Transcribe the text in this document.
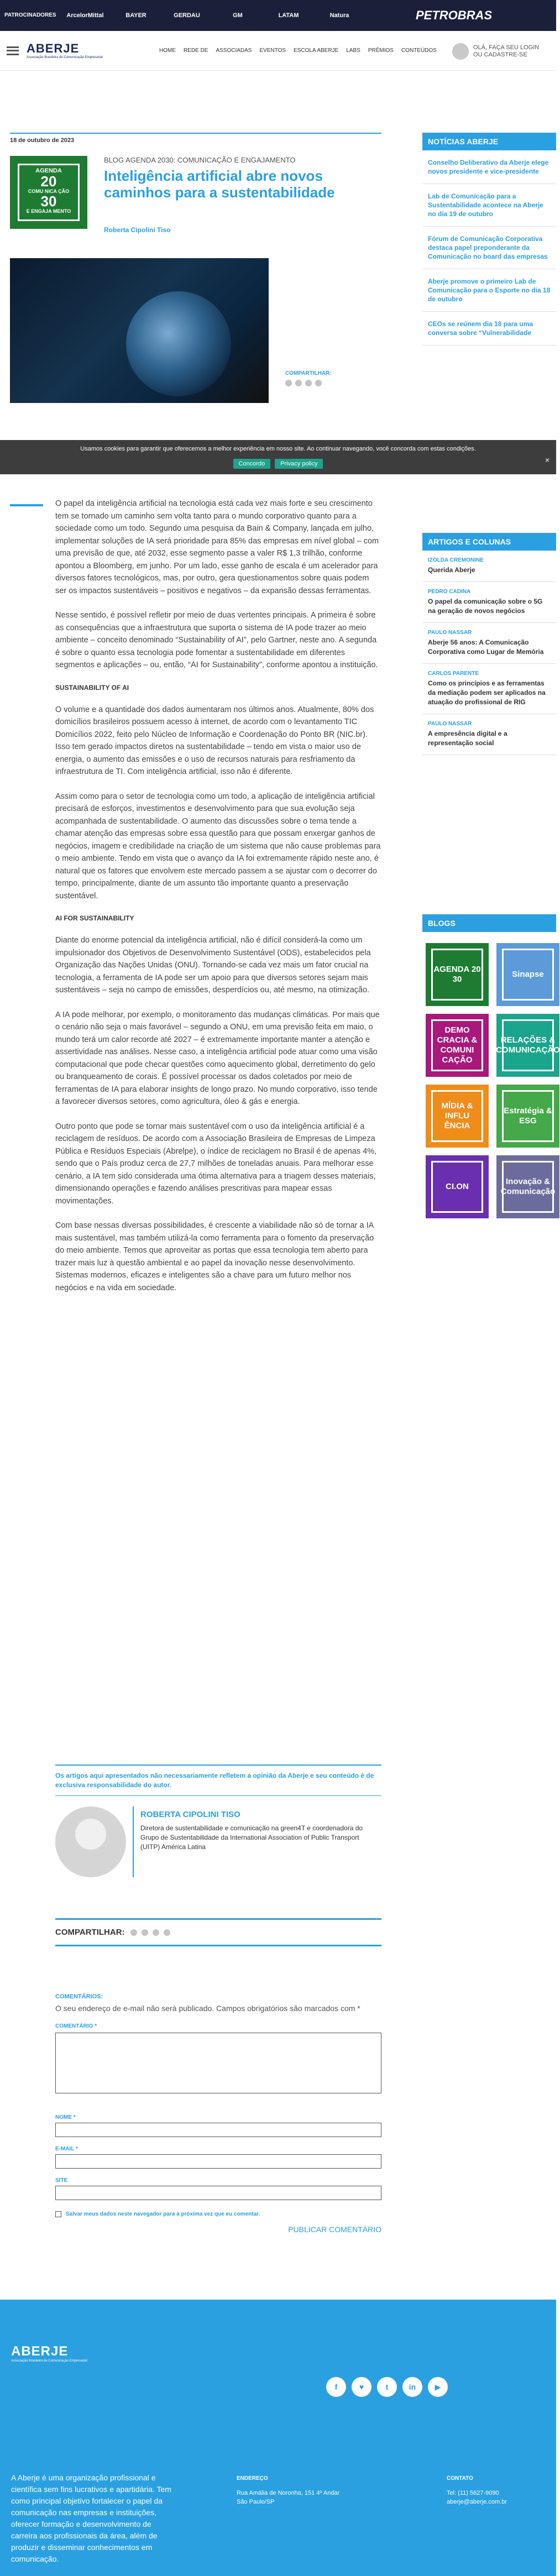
PATROCINADORES	ArcelorMittal	BAYER	GERDAU	GM	LATAM	Natura	PETROBRAS
ABERJE
Associação Brasileira de Comunicação Empresarial
HOME REDE DE ASSOCIADAS EVENTOS ESCOLA ABERJE LABS PRÊMIOS CONTEÚDOS	OLÁ, FAÇA SEU LOGIN OU CADASTRE-SE
18 de outubro de 2023
AGENDA
20
COMU NICA ÇÃO
30
E ENGAJA MENTO
BLOG AGENDA 2030: COMUNICAÇÃO E ENGAJAMENTO
Inteligência artificial abre novos caminhos para a sustentabilidade
Roberta Cipolini Tiso
COMPARTILHAR:
Usamos cookies para garantir que oferecemos a melhor experiência em nosso site. Ao continuar navegando, você concorda com estas condições.
Concordo	Privacy policy	×

O papel da inteligência artificial na tecnologia está cada vez mais forte e seu crescimento tem se tornado um caminho sem volta tanto para o mundo corporativo quanto para a sociedade como um todo. Segundo uma pesquisa da Bain & Company, lançada em julho, implementar soluções de IA será prioridade para 85% das empresas em nível global – com uma previsão de que, até 2032, esse segmento passe a valer R$ 1,3 trilhão, conforme apontou a Bloomberg, em junho. Por um lado, esse ganho de escala é um acelerador para diversos fatores tecnológicos, mas, por outro, gera questionamentos sobre quais podem ser os impactos sustentáveis – positivos e negativos – da expansão dessas ferramentas.

Nesse sentido, é possível refletir por meio de duas vertentes principais. A primeira é sobre as consequências que a infraestrutura que suporta o sistema de IA pode trazer ao meio ambiente – conceito denominado “Sustainability of AI”, pelo Gartner, neste ano. A segunda é sobre o quanto essa tecnologia pode fomentar a sustentabilidade em diferentes segmentos e aplicações – ou, então, “AI for Sustainability”, conforme apontou a instituição.

SUSTAINABILITY OF AI

O volume e a quantidade dos dados aumentaram nos últimos anos. Atualmente, 80% dos domicílios brasileiros possuem acesso à internet, de acordo com o levantamento TIC Domicílios 2022, feito pelo Núcleo de Informação e Coordenação do Ponto BR (NIC.br). Isso tem gerado impactos diretos na sustentabilidade – tendo em vista o maior uso de energia, o aumento das emissões e o uso de recursos naturais para resfriamento da infraestrutura de TI. Com inteligência artificial, isso não é diferente.

Assim como para o setor de tecnologia como um todo, a aplicação de inteligência artificial precisará de esforços, investimentos e desenvolvimento para que sua evolução seja acompanhada de sustentabilidade. O aumento das discussões sobre o tema tende a chamar atenção das empresas sobre essa questão para que possam enxergar ganhos de negócios, imagem e credibilidade na criação de um sistema que não cause problemas para o meio ambiente. Tendo em vista que o avanço da IA foi extremamente rápido neste ano, é natural que os fatores que envolvem este mercado passem a se ajustar com o decorrer do tempo, principalmente, diante de um assunto tão importante quanto a preservação sustentável.

AI FOR SUSTAINABILITY

Diante do enorme potencial da inteligência artificial, não é difícil considerá-la como um impulsionador dos Objetivos de Desenvolvimento Sustentável (ODS), estabelecidos pela Organização das Nações Unidas (ONU). Tornando-se cada vez mais um fator crucial na tecnologia, a ferramenta de IA pode ser um apoio para que diversos setores sejam mais sustentáveis – seja no campo de emissões, desperdícios ou, até mesmo, na otimização.

A IA pode melhorar, por exemplo, o monitoramento das mudanças climáticas. Por mais que o cenário não seja o mais favorável – segundo a ONU, em uma previsão feita em maio, o mundo terá um calor recorde até 2027 – é extremamente importante manter a atenção e assertividade nas análises. Nesse caso, a inteligência artificial pode atuar como uma visão computacional que pode checar questões como aquecimento global, derretimento do gelo ou branqueamento de corais. É possível processar os dados coletados por meio de ferramentas de IA para elaborar insights de longo prazo. No mundo corporativo, isso tende a favorecer diversos setores, como agricultura, óleo & gás e energia.

Outro ponto que pode se tornar mais sustentável com o uso da inteligência artificial é a reciclagem de resíduos. De acordo com a Associação Brasileira de Empresas de Limpeza Pública e Resíduos Especiais (Abrelpe), o índice de reciclagem no Brasil é de apenas 4%, sendo que o País produz cerca de 27,7 milhões de toneladas anuais. Para melhorar esse cenário, a IA tem sido considerada uma ótima alternativa para a triagem desses materiais, dimensionando operações e fazendo análises prescritivas para mapear essas movimentações.

Com base nessas diversas possibilidades, é crescente a viabilidade não só de tornar a IA mais sustentável, mas também utilizá-la como ferramenta para o fomento da preservação do meio ambiente. Temos que aproveitar as portas que essa tecnologia tem aberto para trazer mais luz à questão ambiental e ao papel da inovação nesse desenvolvimento. Sistemas modernos, eficazes e inteligentes são a chave para um futuro melhor nos negócios e na vida em sociedade.

Os artigos aqui apresentados não necessariamente refletem a opinião da Aberje e seu conteúdo é de exclusiva responsabilidade do autor.
ROBERTA CIPOLINI TISO
Diretora de sustentabilidade e comunicação na green4T e coordenadora do Grupo de Sustentabilidade da International Association of Public Transport (UITP) América Latina
COMPARTILHAR:
COMENTÁRIOS:
O seu endereço de e-mail não será publicado. Campos obrigatórios são marcados com *
COMENTÁRIO *
NOME *
E-MAIL *
SITE
Salvar meus dados neste navegador para a próxima vez que eu comentar.
PUBLICAR COMENTÁRIO
NOTÍCIAS ABERJE
Conselho Deliberativo da Aberje elege novos presidente e vice-presidente
Lab de Comunicação para a Sustentabilidade acontece na Aberje no dia 19 de outubro
Fórum de Comunicação Corporativa destaca papel preponderante da Comunicação no board das empresas
Aberje promove o primeiro Lab de Comunicação para o Esporte no dia 18 de outubro
CEOs se reúnem dia 18 para uma conversa sobre “Vulnerabilidade
ARTIGOS E COLUNAS
IZOLDA CREMONINE
Querida Aberje
PEDRO CADINA
O papel da comunicação sobre o 5G na geração de novos negócios
PAULO NASSAR
Aberje 56 anos: A Comunicação Corporativa como Lugar de Memória
CARLOS PARENTE
Como os princípios e as ferramentas da mediação podem ser aplicados na atuação do profissional de RIG
PAULO NASSAR
A empresência digital e a representação social
BLOGS
AGENDA 20 30
Sinapse
DEMO CRACIA & COMUNI CAÇÃO
RELAÇÕES & COMUNICAÇÃO
MÍDIA & INFLU ÊNCIA
Estratégia & ESG
CI.ON
Inovação & Comunicação
ABERJE
Associação Brasileira de Comunicação Empresarial
f	♥	t	in	▶
A Aberje é uma organização profissional e científica sem fins lucrativos e apartidária. Tem como principal objetivo fortalecer o papel da comunicação nas empresas e instituições, oferecer formação e desenvolvimento de carreira aos profissionais da área, além de produzir e disseminar conhecimentos em comunicação.
ENDEREÇO
Rua Amália de Noronha, 151 4º Andar
São Paulo/SP
CONTATO
Tel: (11) 5627-9090
aberje@aberje.com.br
